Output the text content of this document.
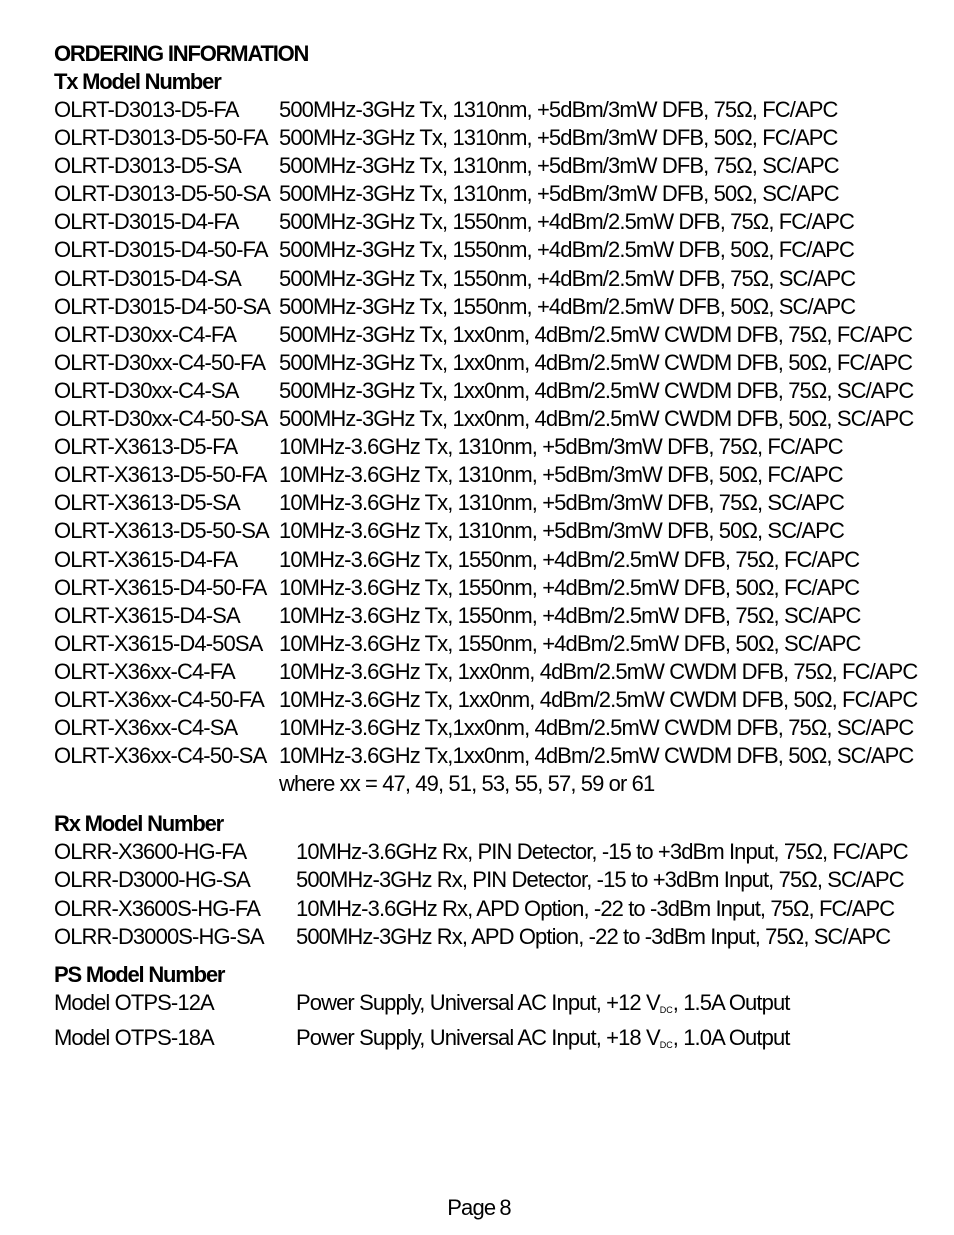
ORDERING INFORMATION
Tx Model Number
OLRT-D3013-D5-FA	500MHz-3GHz Tx, 1310nm, +5dBm/3mW DFB, 75Ω, FC/APC
OLRT-D3013-D5-50-FA 500MHz-3GHz Tx, 1310nm, +5dBm/3mW DFB, 50Ω, FC/APC
OLRT-D3013-D5-SA	500MHz-3GHz Tx, 1310nm, +5dBm/3mW DFB, 75Ω, SC/APC
OLRT-D3013-D5-50-SA 500MHz-3GHz Tx, 1310nm, +5dBm/3mW DFB, 50Ω, SC/APC
OLRT-D3015-D4-FA	500MHz-3GHz Tx, 1550nm, +4dBm/2.5mW DFB, 75Ω, FC/APC
OLRT-D3015-D4-50-FA 500MHz-3GHz Tx, 1550nm, +4dBm/2.5mW DFB, 50Ω, FC/APC
OLRT-D3015-D4-SA	500MHz-3GHz Tx, 1550nm, +4dBm/2.5mW DFB, 75Ω, SC/APC
OLRT-D3015-D4-50-SA 500MHz-3GHz Tx, 1550nm, +4dBm/2.5mW DFB, 50Ω, SC/APC
OLRT-D30xx-C4-FA	500MHz-3GHz Tx, 1xx0nm, 4dBm/2.5mW CWDM DFB, 75Ω, FC/APC
OLRT-D30xx-C4-50-FA 500MHz-3GHz Tx, 1xx0nm, 4dBm/2.5mW CWDM DFB, 50Ω, FC/APC
OLRT-D30xx-C4-SA	500MHz-3GHz Tx, 1xx0nm, 4dBm/2.5mW CWDM DFB, 75Ω, SC/APC
OLRT-D30xx-C4-50-SA 500MHz-3GHz Tx, 1xx0nm, 4dBm/2.5mW CWDM DFB, 50Ω, SC/APC
OLRT-X3613-D5-FA	10MHz-3.6GHz Tx, 1310nm, +5dBm/3mW DFB, 75Ω, FC/APC
OLRT-X3613-D5-50-FA 10MHz-3.6GHz Tx, 1310nm, +5dBm/3mW DFB, 50Ω, FC/APC
OLRT-X3613-D5-SA	10MHz-3.6GHz Tx, 1310nm, +5dBm/3mW DFB, 75Ω, SC/APC
OLRT-X3613-D5-50-SA 10MHz-3.6GHz Tx, 1310nm, +5dBm/3mW DFB, 50Ω, SC/APC
OLRT-X3615-D4-FA	10MHz-3.6GHz Tx, 1550nm, +4dBm/2.5mW DFB, 75Ω, FC/APC
OLRT-X3615-D4-50-FA 10MHz-3.6GHz Tx, 1550nm, +4dBm/2.5mW DFB, 50Ω, FC/APC
OLRT-X3615-D4-SA	10MHz-3.6GHz Tx, 1550nm, +4dBm/2.5mW DFB, 75Ω, SC/APC
OLRT-X3615-D4-50SA 10MHz-3.6GHz Tx, 1550nm, +4dBm/2.5mW DFB, 50Ω, SC/APC
OLRT-X36xx-C4-FA	10MHz-3.6GHz Tx, 1xx0nm, 4dBm/2.5mW CWDM DFB, 75Ω, FC/APC
OLRT-X36xx-C4-50-FA 10MHz-3.6GHz Tx, 1xx0nm, 4dBm/2.5mW CWDM DFB, 50Ω, FC/APC
OLRT-X36xx-C4-SA	10MHz-3.6GHz Tx,1xx0nm, 4dBm/2.5mW CWDM DFB, 75Ω, SC/APC
OLRT-X36xx-C4-50-SA 10MHz-3.6GHz Tx,1xx0nm, 4dBm/2.5mW CWDM DFB, 50Ω, SC/APC
where xx = 47, 49, 51, 53, 55, 57, 59 or 61
Rx Model Number
OLRR-X3600-HG-FA	10MHz-3.6GHz Rx, PIN Detector, -15 to +3dBm Input, 75Ω, FC/APC
OLRR-D3000-HG-SA	500MHz-3GHz Rx, PIN Detector, -15 to +3dBm Input, 75Ω, SC/APC
OLRR-X3600S-HG-FA	10MHz-3.6GHz Rx, APD Option, -22 to -3dBm Input, 75Ω, FC/APC
OLRR-D3000S-HG-SA	500MHz-3GHz Rx, APD Option, -22 to -3dBm Input, 75Ω, SC/APC
PS Model Number
Model OTPS-12A	Power Supply, Universal AC Input, +12 $V_{DC}$, 1.5A Output
Model OTPS-18A	Power Supply, Universal AC Input, +18 $V_{DC}$, 1.0A Output
Page 8
